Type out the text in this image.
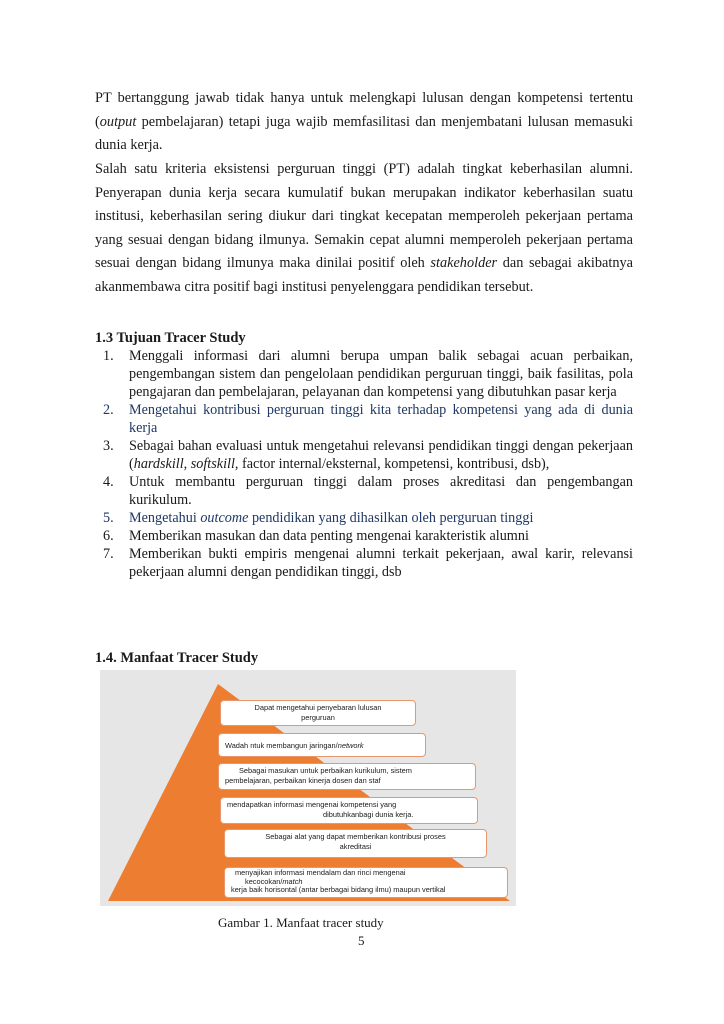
PT bertanggung jawab tidak hanya untuk melengkapi lulusan dengan kompetensi tertentu (output pembelajaran) tetapi juga wajib memfasilitasi dan menjembatani lulusan memasuki dunia kerja.

Salah satu kriteria eksistensi perguruan tinggi (PT) adalah tingkat keberhasilan alumni. Penyerapan dunia kerja secara kumulatif bukan merupakan indikator keberhasilan suatu institusi, keberhasilan sering diukur dari tingkat kecepatan memperoleh pekerjaan pertama yang sesuai dengan bidang ilmunya. Semakin cepat alumni memperoleh pekerjaan pertama sesuai dengan bidang ilmunya maka dinilai positif oleh stakeholder dan sebagai akibatnya akanmembawa citra positif bagi institusi penyelenggara pendidikan tersebut.

1.3 Tujuan Tracer Study
1. Menggali informasi dari alumni berupa umpan balik sebagai acuan perbaikan, pengembangan sistem dan pengelolaan pendidikan perguruan tinggi, baik fasilitas, pola pengajaran dan pembelajaran, pelayanan dan kompetensi yang dibutuhkan pasar kerja
2. Mengetahui kontribusi perguruan tinggi kita terhadap kompetensi yang ada di dunia kerja
3. Sebagai bahan evaluasi untuk mengetahui relevansi pendidikan tinggi dengan pekerjaan (hardskill, softskill, factor internal/eksternal, kompetensi, kontribusi, dsb),
4. Untuk membantu perguruan tinggi dalam proses akreditasi dan pengembangan kurikulum.
5. Mengetahui outcome pendidikan yang dihasilkan oleh perguruan tinggi
6. Memberikan masukan dan data penting mengenai karakteristik alumni
7. Memberikan bukti empiris mengenai alumni terkait pekerjaan, awal karir, relevansi pekerjaan alumni dengan pendidikan tinggi, dsb
1.4. Manfaat Tracer Study
Dapat mengetahui penyebaran lulusan
perguruan
Wadah ntuk membangun jaringan/network
Sebagai masukan untuk perbaikan kurikulum, sistem
pembelajaran, perbaikan kinerja dosen dan staf
mendapatkan informasi mengenai kompetensi yang
dibutuhkanbagi dunia kerja.
Sebagai alat yang dapat memberikan kontribusi proses
akreditasi
menyajikan informasi mendalam dan rinci mengenai
kecocokan/match
kerja baik horisontal (antar berbagai bidang ilmu) maupun vertikal

Gambar 1. Manfaat tracer study

5
